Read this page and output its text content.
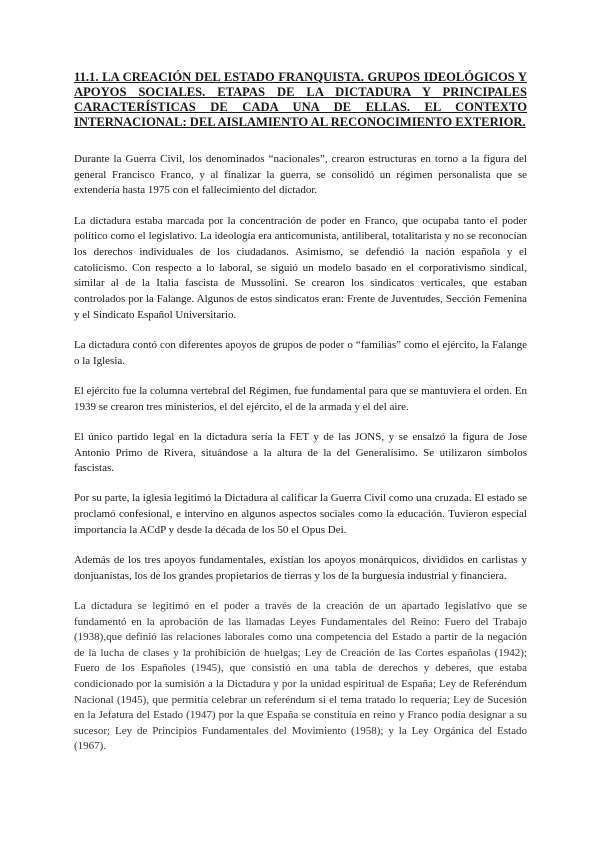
11.1. LA CREACIÓN DEL ESTADO FRANQUISTA. GRUPOS IDEOLÓGICOS Y APOYOS SOCIALES. ETAPAS DE LA DICTADURA Y PRINCIPALES CARACTERÍSTICAS DE CADA UNA DE ELLAS. EL CONTEXTO INTERNACIONAL: DEL AISLAMIENTO AL RECONOCIMIENTO EXTERIOR.

Durante la Guerra Civil, los denominados “nacionales”, crearon estructuras en torno a la figura del general Francisco Franco, y al finalizar la guerra, se consolidó un régimen personalista que se extendería hasta 1975 con el fallecimiento del dictador.

La dictadura estaba marcada por la concentración de poder en Franco, que ocupaba tanto el poder político como el legislativo. La ideología era anticomunista, antiliberal, totalitarista y no se reconocían los derechos individuales de los ciudadanos. Asimismo, se defendió la nación española y el catolicismo. Con respecto a lo laboral, se siguió un modelo basado en el corporativismo sindical, similar al de la Italia fascista de Mussolini. Se crearon los sindicatos verticales, que estaban controlados por la Falange. Algunos de estos sindicatos eran: Frente de Juventudes, Sección Femenina y el Sindicato Español Universitario.

La dictadura contó con diferentes apoyos de grupos de poder o “familias” como el ejército, la Falange o la Iglesia.

El ejército fue la columna vertebral del Régimen, fue fundamental para que se mantuviera el orden. En 1939 se crearon tres ministerios, el del ejército, el de la armada y el del aire.

El único partido legal en la dictadura sería la FET y de las JONS, y se ensalzó la figura de Jose Antonio Primo de Rivera, situándose a la altura de la del Generalísimo. Se utilizaron símbolos fascistas.

Por su parte, la iglesia legitimó la Dictadura al calificar la Guerra Civil como una cruzada. El estado se proclamó confesional, e intervino en algunos aspectos sociales como la educación. Tuvieron especial importancia la ACdP y desde la década de los 50 el Opus Dei.

Además de los tres apoyos fundamentales, existían los apoyos monárquicos, divididos en carlistas y donjuanistas, los de los grandes propietarios de tierras y los de la burguesía industrial y financiera.

La dictadura se legitimó en el poder a través de la creación de un apartado legislativo que se fundamentó en la aprobación de las llamadas Leyes Fundamentales del Reino: Fuero del Trabajo (1938),que definió las relaciones laborales como una competencia del Estado a partir de la negación de la lucha de clases y la prohibición de huelgas; Ley de Creación de las Cortes españolas (1942); Fuero de los Españoles (1945), que consistió en una tabla de derechos y deberes, que estaba condicionado por la sumisión a la Dictadura y por la unidad espiritual de España; Ley de Referéndum Nacional (1945), que permitía celebrar un referéndum si el tema tratado lo requería; Ley de Sucesión en la Jefatura del Estado (1947) por la que España se constituía en reino y Franco podía designar a su sucesor; Ley de Principios Fundamentales del Movimiento (1958); y la Ley Orgánica del Estado (1967).
